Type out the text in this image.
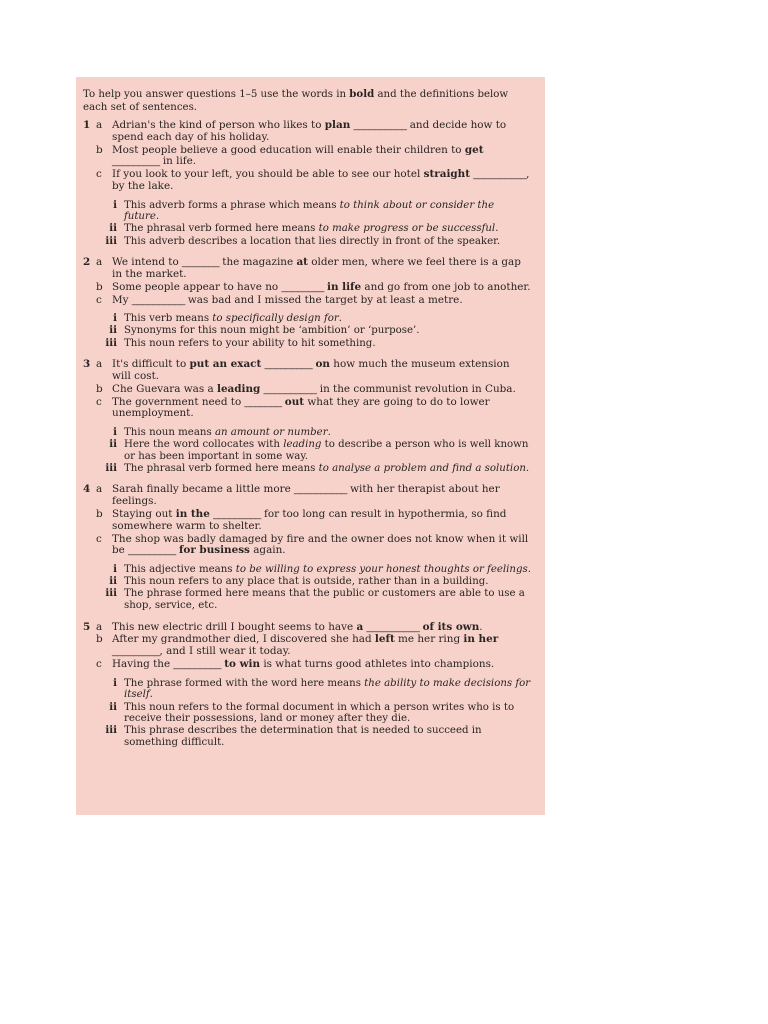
To help you answer questions 1–5 use the words in bold and the definitions below each set of sentences.
1 a Adrian's the kind of person who likes to plan __________ and decide how to spend each day of his holiday.
b Most people believe a good education will enable their children to get _________ in life.
c If you look to your left, you should be able to see our hotel straight __________, by the lake.
i This adverb forms a phrase which means to think about or consider the future.
ii The phrasal verb formed here means to make progress or be successful.
iii This adverb describes a location that lies directly in front of the speaker.
2 a We intend to _______ the magazine at older men, where we feel there is a gap in the market.
b Some people appear to have no ________ in life and go from one job to another.
c My __________ was bad and I missed the target by at least a metre.
i This verb means to specifically design for.
ii Synonyms for this noun might be ‘ambition’ or ‘purpose’.
iii This noun refers to your ability to hit something.
3 a It's difficult to put an exact _________ on how much the museum extension will cost.
b Che Guevara was a leading __________ in the communist revolution in Cuba.
c The government need to _______ out what they are going to do to lower unemployment.
i This noun means an amount or number.
ii Here the word collocates with leading to describe a person who is well known or has been important in some way.
iii The phrasal verb formed here means to analyse a problem and find a solution.
4 a Sarah finally became a little more __________ with her therapist about her feelings.
b Staying out in the _________ for too long can result in hypothermia, so find somewhere warm to shelter.
c The shop was badly damaged by fire and the owner does not know when it will be _________ for business again.
i This adjective means to be willing to express your honest thoughts or feelings.
ii This noun refers to any place that is outside, rather than in a building.
iii The phrase formed here means that the public or customers are able to use a shop, service, etc.
5 a This new electric drill I bought seems to have a __________ of its own.
b After my grandmother died, I discovered she had left me her ring in her _________, and I still wear it today.
c Having the _________ to win is what turns good athletes into champions.
i The phrase formed with the word here means the ability to make decisions for itself.
ii This noun refers to the formal document in which a person writes who is to receive their possessions, land or money after they die.
iii This phrase describes the determination that is needed to succeed in something difficult.
